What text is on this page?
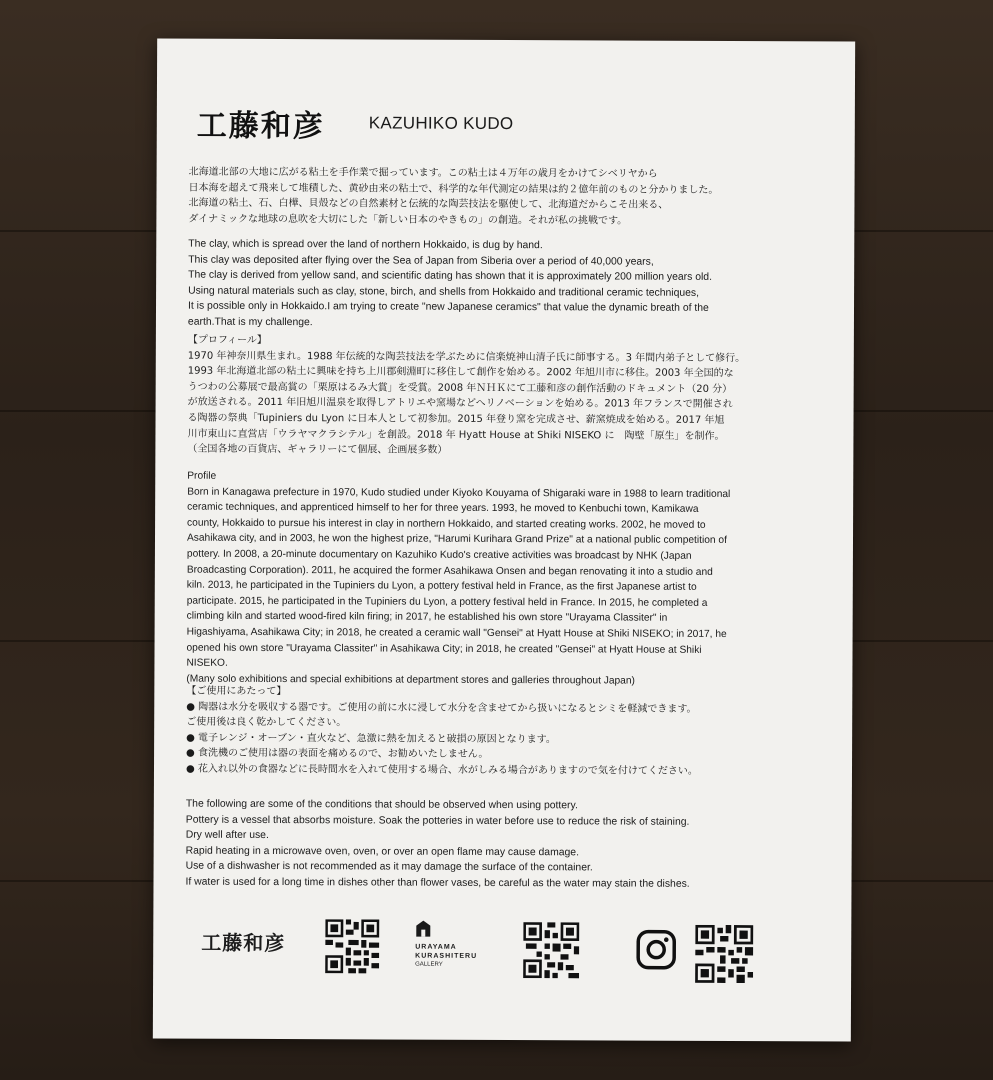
工藤和彦	KAZUHIKO KUDO

北海道北部の大地に広がる粘土を手作業で掘っています。この粘土は４万年の歳月をかけてシベリヤから

日本海を超えて飛来して堆積した、黄砂由来の粘土で、科学的な年代測定の結果は約２億年前のものと分かりました。

北海道の粘土、石、白樺、貝殻などの自然素材と伝統的な陶芸技法を駆使して、北海道だからこそ出来る、

ダイナミックな地球の息吹を大切にした「新しい日本のやきもの」の創造。それが私の挑戦です。

The clay, which is spread over the land of northern Hokkaido, is dug by hand.

This clay was deposited after flying over the Sea of Japan from Siberia over a period of 40,000 years,

The clay is derived from yellow sand, and scientific dating has shown that it is approximately 200 million years old.

Using natural materials such as clay, stone, birch, and shells from Hokkaido and traditional ceramic techniques,

It is possible only in Hokkaido.I am trying to create "new Japanese ceramics" that value the dynamic breath of the

earth.That is my challenge.

【プロフィール】

1970 年神奈川県生まれ。1988 年伝統的な陶芸技法を学ぶために信楽焼神山清子氏に師事する。3 年間内弟子として修行。

1993 年北海道北部の粘土に興味を持ち上川郡剣淵町に移住して創作を始める。2002 年旭川市に移住。2003 年全国的な

うつわの公募展で最高賞の「栗原はるみ大賞」を受賞。2008 年ＮＨＫにて工藤和彦の創作活動のドキュメント（20 分）

が放送される。2011 年旧旭川温泉を取得しアトリエや窯場などへリノベーションを始める。2013 年フランスで開催され

る陶器の祭典「Tupiniers du Lyon に日本人として初参加。2015 年登り窯を完成させ、薪窯焼成を始める。2017 年旭

川市東山に直営店「ウラヤマクラシテル」を創設。2018 年 Hyatt House at Shiki NISEKO に　陶壁「原生」を制作。

（全国各地の百貨店、ギャラリーにて個展、企画展多数）

Profile

Born in Kanagawa prefecture in 1970, Kudo studied under Kiyoko Kouyama of Shigaraki ware in 1988 to learn traditional

ceramic techniques, and apprenticed himself to her for three years. 1993, he moved to Kenbuchi town, Kamikawa

county, Hokkaido to pursue his interest in clay in northern Hokkaido, and started creating works. 2002, he moved to

Asahikawa city, and in 2003, he won the highest prize, "Harumi Kurihara Grand Prize" at a national public competition of

pottery. In 2008, a 20-minute documentary on Kazuhiko Kudo's creative activities was broadcast by NHK (Japan

Broadcasting Corporation). 2011, he acquired the former Asahikawa Onsen and began renovating it into a studio and

kiln. 2013, he participated in the Tupiniers du Lyon, a pottery festival held in France, as the first Japanese artist to

participate. 2015, he participated in the Tupiniers du Lyon, a pottery festival held in France. In 2015, he completed a

climbing kiln and started wood-fired kiln firing; in 2017, he established his own store "Urayama Classiter" in

Higashiyama, Asahikawa City; in 2018, he created a ceramic wall "Gensei" at Hyatt House at Shiki NISEKO; in 2017, he

opened his own store "Urayama Classiter" in Asahikawa City; in 2018, he created "Gensei" at Hyatt House at Shiki

NISEKO.

(Many solo exhibitions and special exhibitions at department stores and galleries throughout Japan)

【ご使用にあたって】

● 陶器は水分を吸収する器です。ご使用の前に水に浸して水分を含ませてから扱いになるとシミを軽減できます。

ご使用後は良く乾かしてください。

● 電子レンジ・オーブン・直火など、急激に熱を加えると破損の原因となります。

● 食洗機のご使用は器の表面を痛めるので、お勧めいたしません。

● 花入れ以外の食器などに長時間水を入れて使用する場合、水がしみる場合がありますので気を付けてください。

The following are some of the conditions that should be observed when using pottery.

Pottery is a vessel that absorbs moisture. Soak the potteries in water before use to reduce the risk of staining.

Dry well after use.

Rapid heating in a microwave oven, oven, or over an open flame may cause damage.

Use of a dishwasher is not recommended as it may damage the surface of the container.

If water is used for a long time in dishes other than flower vases, be careful as the water may stain the dishes.

工藤和彦	URAYAMA
KURASHITERU
GALLERY
